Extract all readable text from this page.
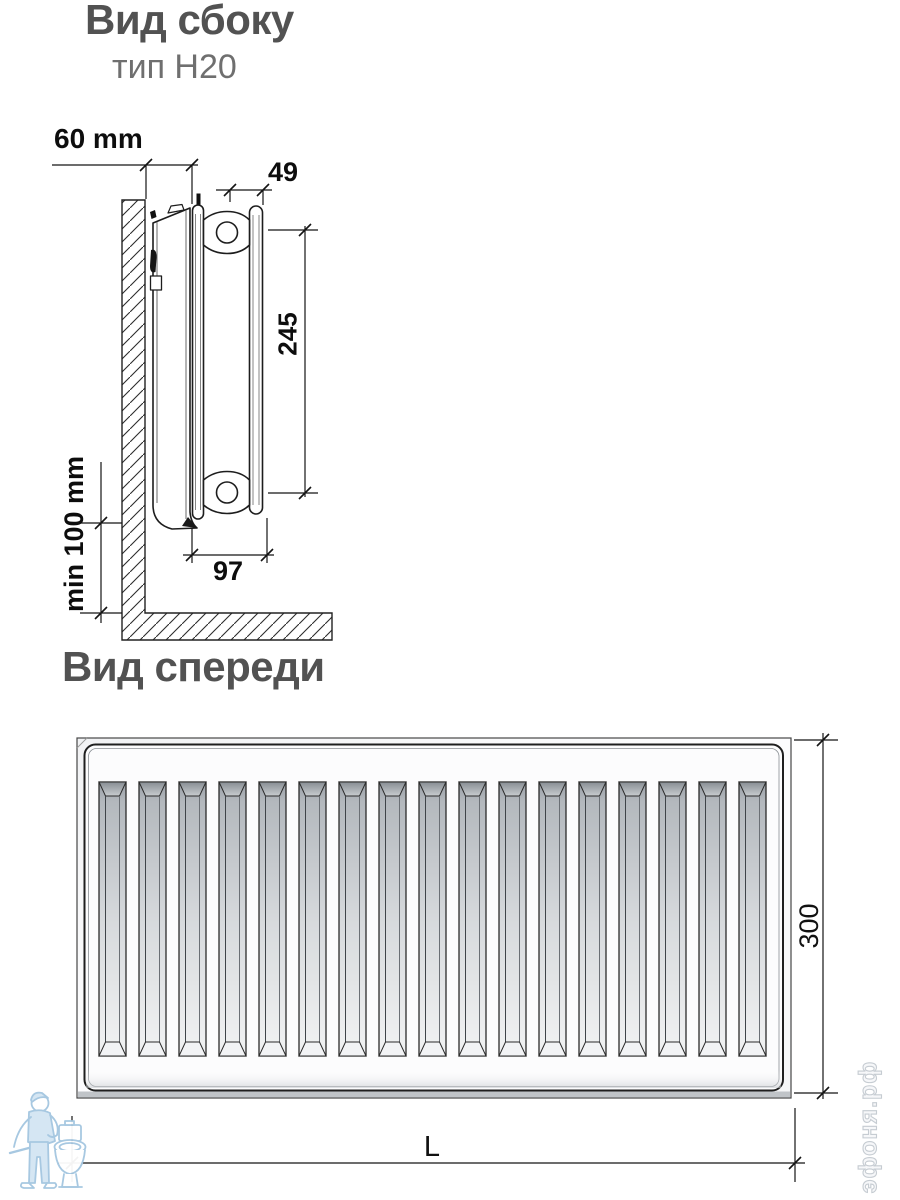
Вид сбоку
тип H20
60 mm
49
245
min 100 mm	97
Вид спереди
300
L	эфоня.рф
